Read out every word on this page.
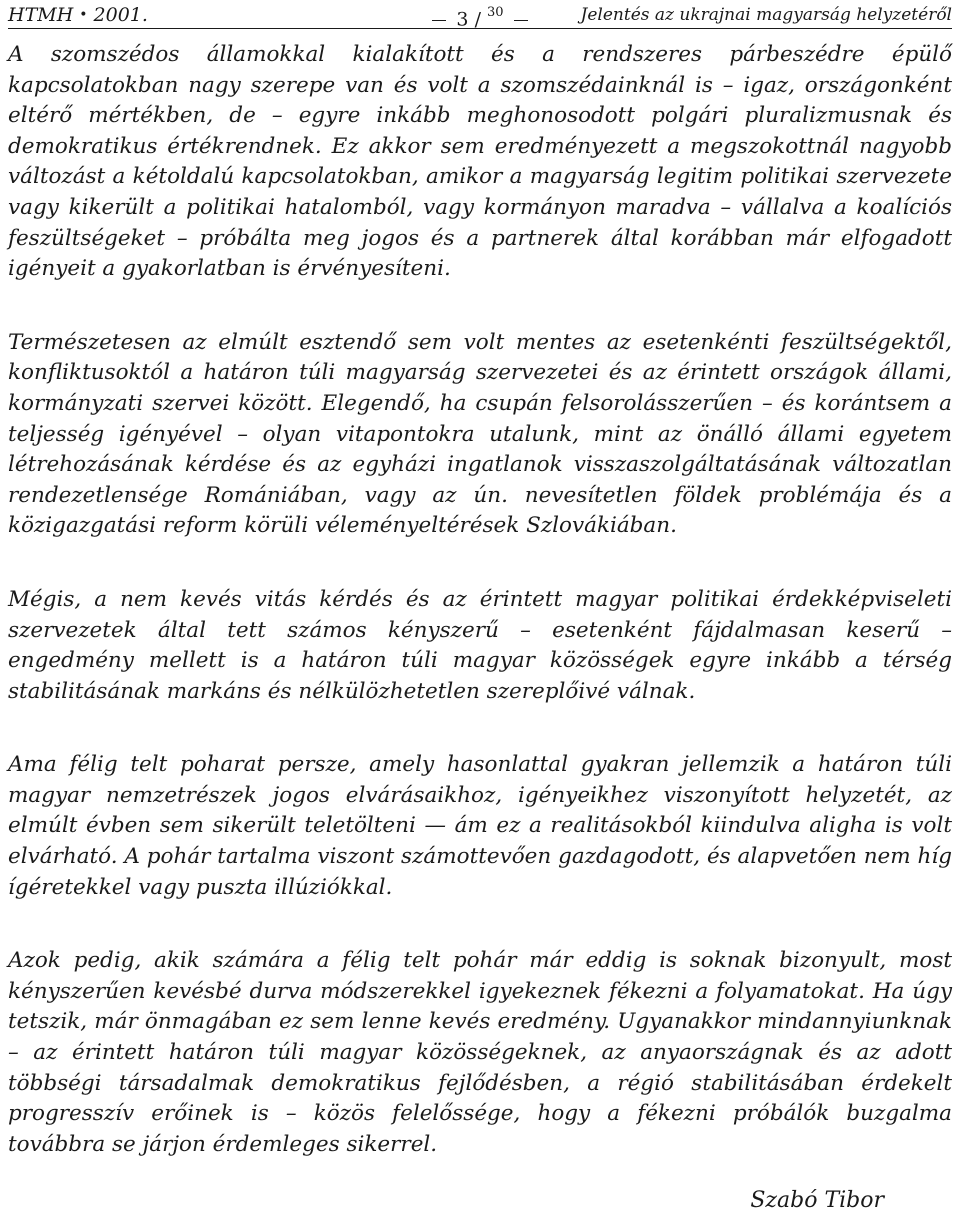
HTMH • 2001.	3 / $^{30}$	Jelentés az ukrajnai magyarság helyzetéről

A szomszédos államokkal kialakított és a rendszeres párbeszédre épülő kapcsolatokban nagy szerepe van és volt a szomszédainknál is – igaz, országonként eltérő mértékben, de – egyre inkább meghonosodott polgári pluralizmusnak és demokratikus értékrendnek. Ez akkor sem eredményezett a megszokottnál nagyobb változást a kétoldalú kapcsolatokban, amikor a magyarság legitim politikai szervezete vagy kikerült a politikai hatalomból, vagy kormányon maradva – vállalva a koalíciós feszültségeket – próbálta meg jogos és a partnerek által korábban már elfogadott igényeit a gyakorlatban is érvényesíteni.

Természetesen az elmúlt esztendő sem volt mentes az esetenkénti feszültségektől, konfliktusoktól a határon túli magyarság szervezetei és az érintett országok állami, kormányzati szervei között. Elegendő, ha csupán felsorolásszerűen – és korántsem a teljesség igényével – olyan vitapontokra utalunk, mint az önálló állami egyetem létrehozásának kérdése és az egyházi ingatlanok visszaszolgáltatásának változatlan rendezetlensége Romániában, vagy az ún. nevesítetlen földek problémája és a közigazgatási reform körüli véleményeltérések Szlovákiában.

Mégis, a nem kevés vitás kérdés és az érintett magyar politikai érdekképviseleti szervezetek által tett számos kényszerű – esetenként fájdalmasan keserű – engedmény mellett is a határon túli magyar közösségek egyre inkább a térség stabilitásának markáns és nélkülözhetetlen szereplőivé válnak.

Ama félig telt poharat persze, amely hasonlattal gyakran jellemzik a határon túli magyar nemzetrészek jogos elvárásaikhoz, igényeikhez viszonyított helyzetét, az elmúlt évben sem sikerült teletölteni — ám ez a realitásokból kiindulva aligha is volt elvárható. A pohár tartalma viszont számottevően gazdagodott, és alapvetően nem híg ígéretekkel vagy puszta illúziókkal.

Azok pedig, akik számára a félig telt pohár már eddig is soknak bizonyult, most kényszerűen kevésbé durva módszerekkel igyekeznek fékezni a folyamatokat. Ha úgy tetszik, már önmagában ez sem lenne kevés eredmény. Ugyanakkor mindannyiunknak – az érintett határon túli magyar közösségeknek, az anyaországnak és az adott többségi társadalmak demokratikus fejlődésben, a régió stabilitásában érdekelt progresszív erőinek is – közös felelőssége, hogy a fékezni próbálók buzgalma továbbra se járjon érdemleges sikerrel.

Szabó Tibor
